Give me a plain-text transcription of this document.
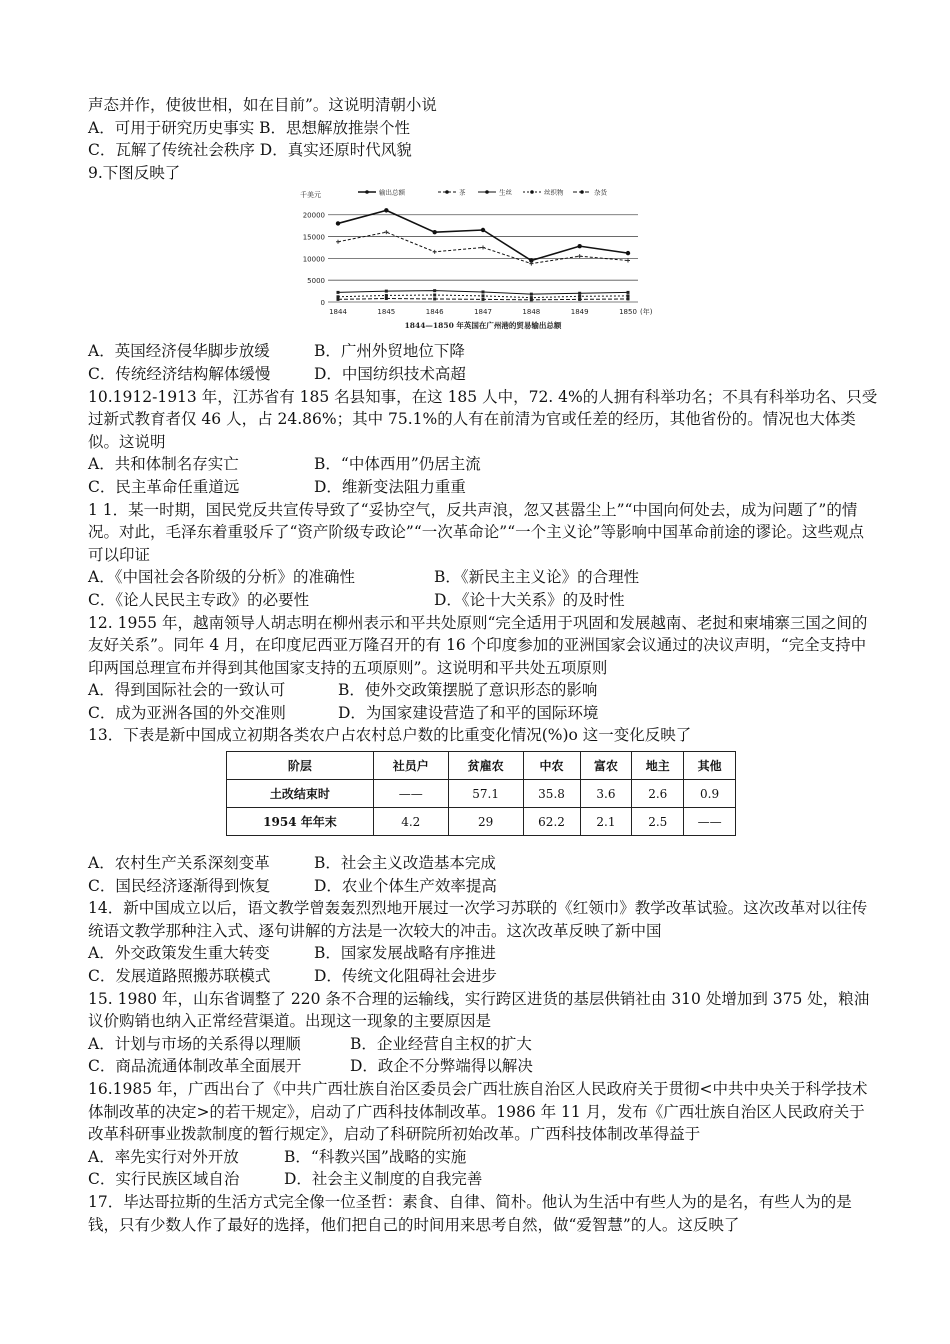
声态并作，使彼世相，如在目前”。这说明清朝小说
A．可用于研究历史事实 B．思想解放推崇个性
C．瓦解了传统社会秩序 D．真实还原时代风貌
9.下图反映了
20000
15000
10000
5000
0
千美元
1844	1845	1846	1847	1848	1849	1850 (年)
1844—1850 年英国在广州港的贸易输出总额
输出总额	茶	生丝	丝织物	杂货
A．英国经济侵华脚步放缓	B．广州外贸地位下降
C．传统经济结构解体缓慢	D．中国纺织技术高超
10.1912-1913 年，江苏省有 185 名县知事，在这 185 人中，72. 4%的人拥有科举功名；不具有科举功名、只受过新式教育者仅 46 人，占 24.86%；其中 75.1%的人有在前清为官或任差的经历，其他省份的。情况也大体类似。这说明
A．共和体制名存实亡	B．“中体西用”仍居主流
C．民主革命任重道远	D．维新变法阻力重重
1 1．某一时期，国民党反共宣传导致了“妥协空气，反共声浪，忽又甚嚣尘上”“中国向何处去，成为问题了”的情况。对此，毛泽东着重驳斥了“资产阶级专政论”“一次革命论”“一个主义论”等影响中国革命前途的谬论。这些观点可以印证
A．《中国社会各阶级的分析》的准确性	B．《新民主主义论》的合理性
C．《论人民民主专政》的必要性	D．《论十大关系》的及时性
12. 1955 年，越南领导人胡志明在柳州表示和平共处原则“完全适用于巩固和发展越南、老挝和柬埔寨三国之间的友好关系”。同年 4 月，在印度尼西亚万隆召开的有 16 个印度参加的亚洲国家会议通过的决议声明，“完全支持中印两国总理宣布并得到其他国家支持的五项原则”。这说明和平共处五项原则
A．得到国际社会的一致认可	B．使外交政策摆脱了意识形态的影响
C．成为亚洲各国的外交准则	D．为国家建设营造了和平的国际环境
13．下表是新中国成立初期各类农户占农村总户数的比重变化情况(%)o 这一变化反映了
阶层	社员户	贫雇农	中农	富农	地主	其他
土改结束时	——	57.1	35.8	3.6	2.6	0.9
1954 年年末	4.2	29	62.2	2.1	2.5	——
A．农村生产关系深刻变革	B．社会主义改造基本完成
C．国民经济逐渐得到恢复	D．农业个体生产效率提高
14．新中国成立以后，语文教学曾轰轰烈烈地开展过一次学习苏联的《红领巾》教学改革试验。这次改革对以往传统语文教学那种注入式、逐句讲解的方法是一次较大的冲击。这次改革反映了新中国
A．外交政策发生重大转变	B．国家发展战略有序推进
C．发展道路照搬苏联模式	D．传统文化阻碍社会进步
15. 1980 年，山东省调整了 220 条不合理的运输线，实行跨区进货的基层供销社由 310 处增加到 375 处，粮油议价购销也纳入正常经营渠道。出现这一现象的主要原因是
A．计划与市场的关系得以理顺	B．企业经营自主权的扩大
C．商品流通体制改革全面展开	D．政企不分弊端得以解决
16.1985 年，广西出台了《中共广西壮族自治区委员会广西壮族自治区人民政府关于贯彻<中共中央关于科学技术体制改革的决定>的若干规定》，启动了广西科技体制改革。1986 年 11 月，发布《广西壮族自治区人民政府关于改革科研事业拨款制度的暂行规定》，启动了科研院所初始改革。广西科技体制改革得益于
A．率先实行对外开放	B．“科教兴国”战略的实施
C．实行民族区域自治	D．社会主义制度的自我完善
17．毕达哥拉斯的生活方式完全像一位圣哲：素食、自律、简朴。他认为生活中有些人为的是名，有些人为的是钱，只有少数人作了最好的选择，他们把自己的时间用来思考自然，做“爱智慧”的人。这反映了
